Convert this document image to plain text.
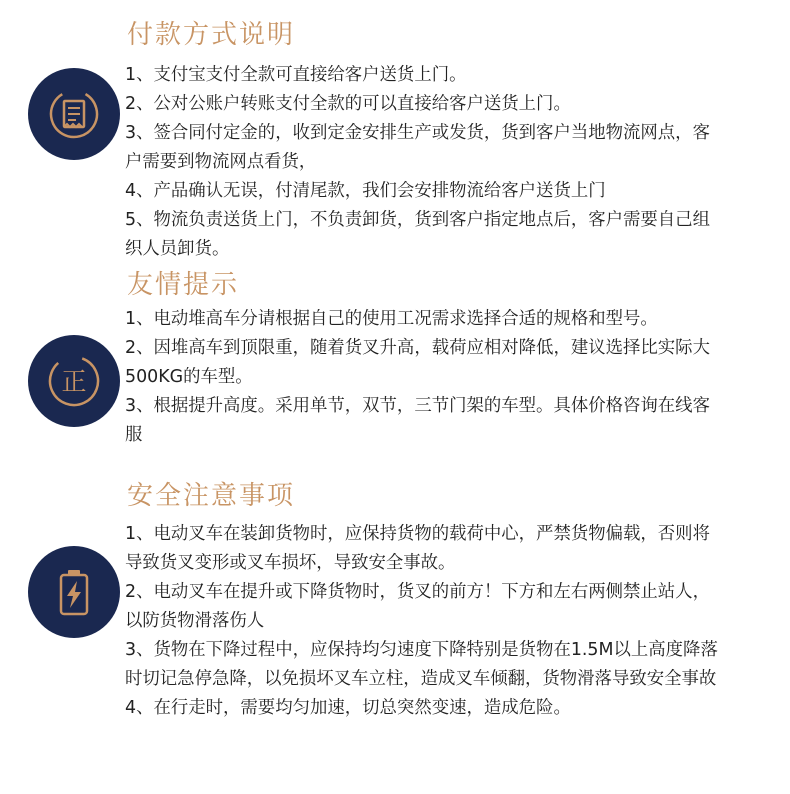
付款方式说明
1、支付宝支付全款可直接给客户送货上门。
2、公对公账户转账支付全款的可以直接给客户送货上门。
3、签合同付定金的，收到定金安排生产或发货，货到客户当地物流网点，客户需要到物流网点看货，
4、产品确认无误，付清尾款，我们会安排物流给客户送货上门
5、物流负责送货上门，不负责卸货，货到客户指定地点后，客户需要自己组织人员卸货。
友情提示
正
1、电动堆高车分请根据自己的使用工况需求选择合适的规格和型号。
2、因堆高车到顶限重，随着货叉升高，载荷应相对降低，建议选择比实际大500KG的车型。
3、根据提升高度。采用单节，双节，三节门架的车型。具体价格咨询在线客服
安全注意事项
1、电动叉车在装卸货物时，应保持货物的载荷中心，严禁货物偏载，否则将导致货叉变形或叉车损坏，导致安全事故。
2、电动叉车在提升或下降货物时，货叉的前方！下方和左右两侧禁止站人，  以防货物滑落伤人
3、货物在下降过程中，应保持均匀速度下降特别是货物在1.5M以上高度降落时切记急停急降，以免损坏叉车立柱，造成叉车倾翻，货物滑落导致安全事故
4、在行走时，需要均匀加速，切总突然变速，造成危险。
